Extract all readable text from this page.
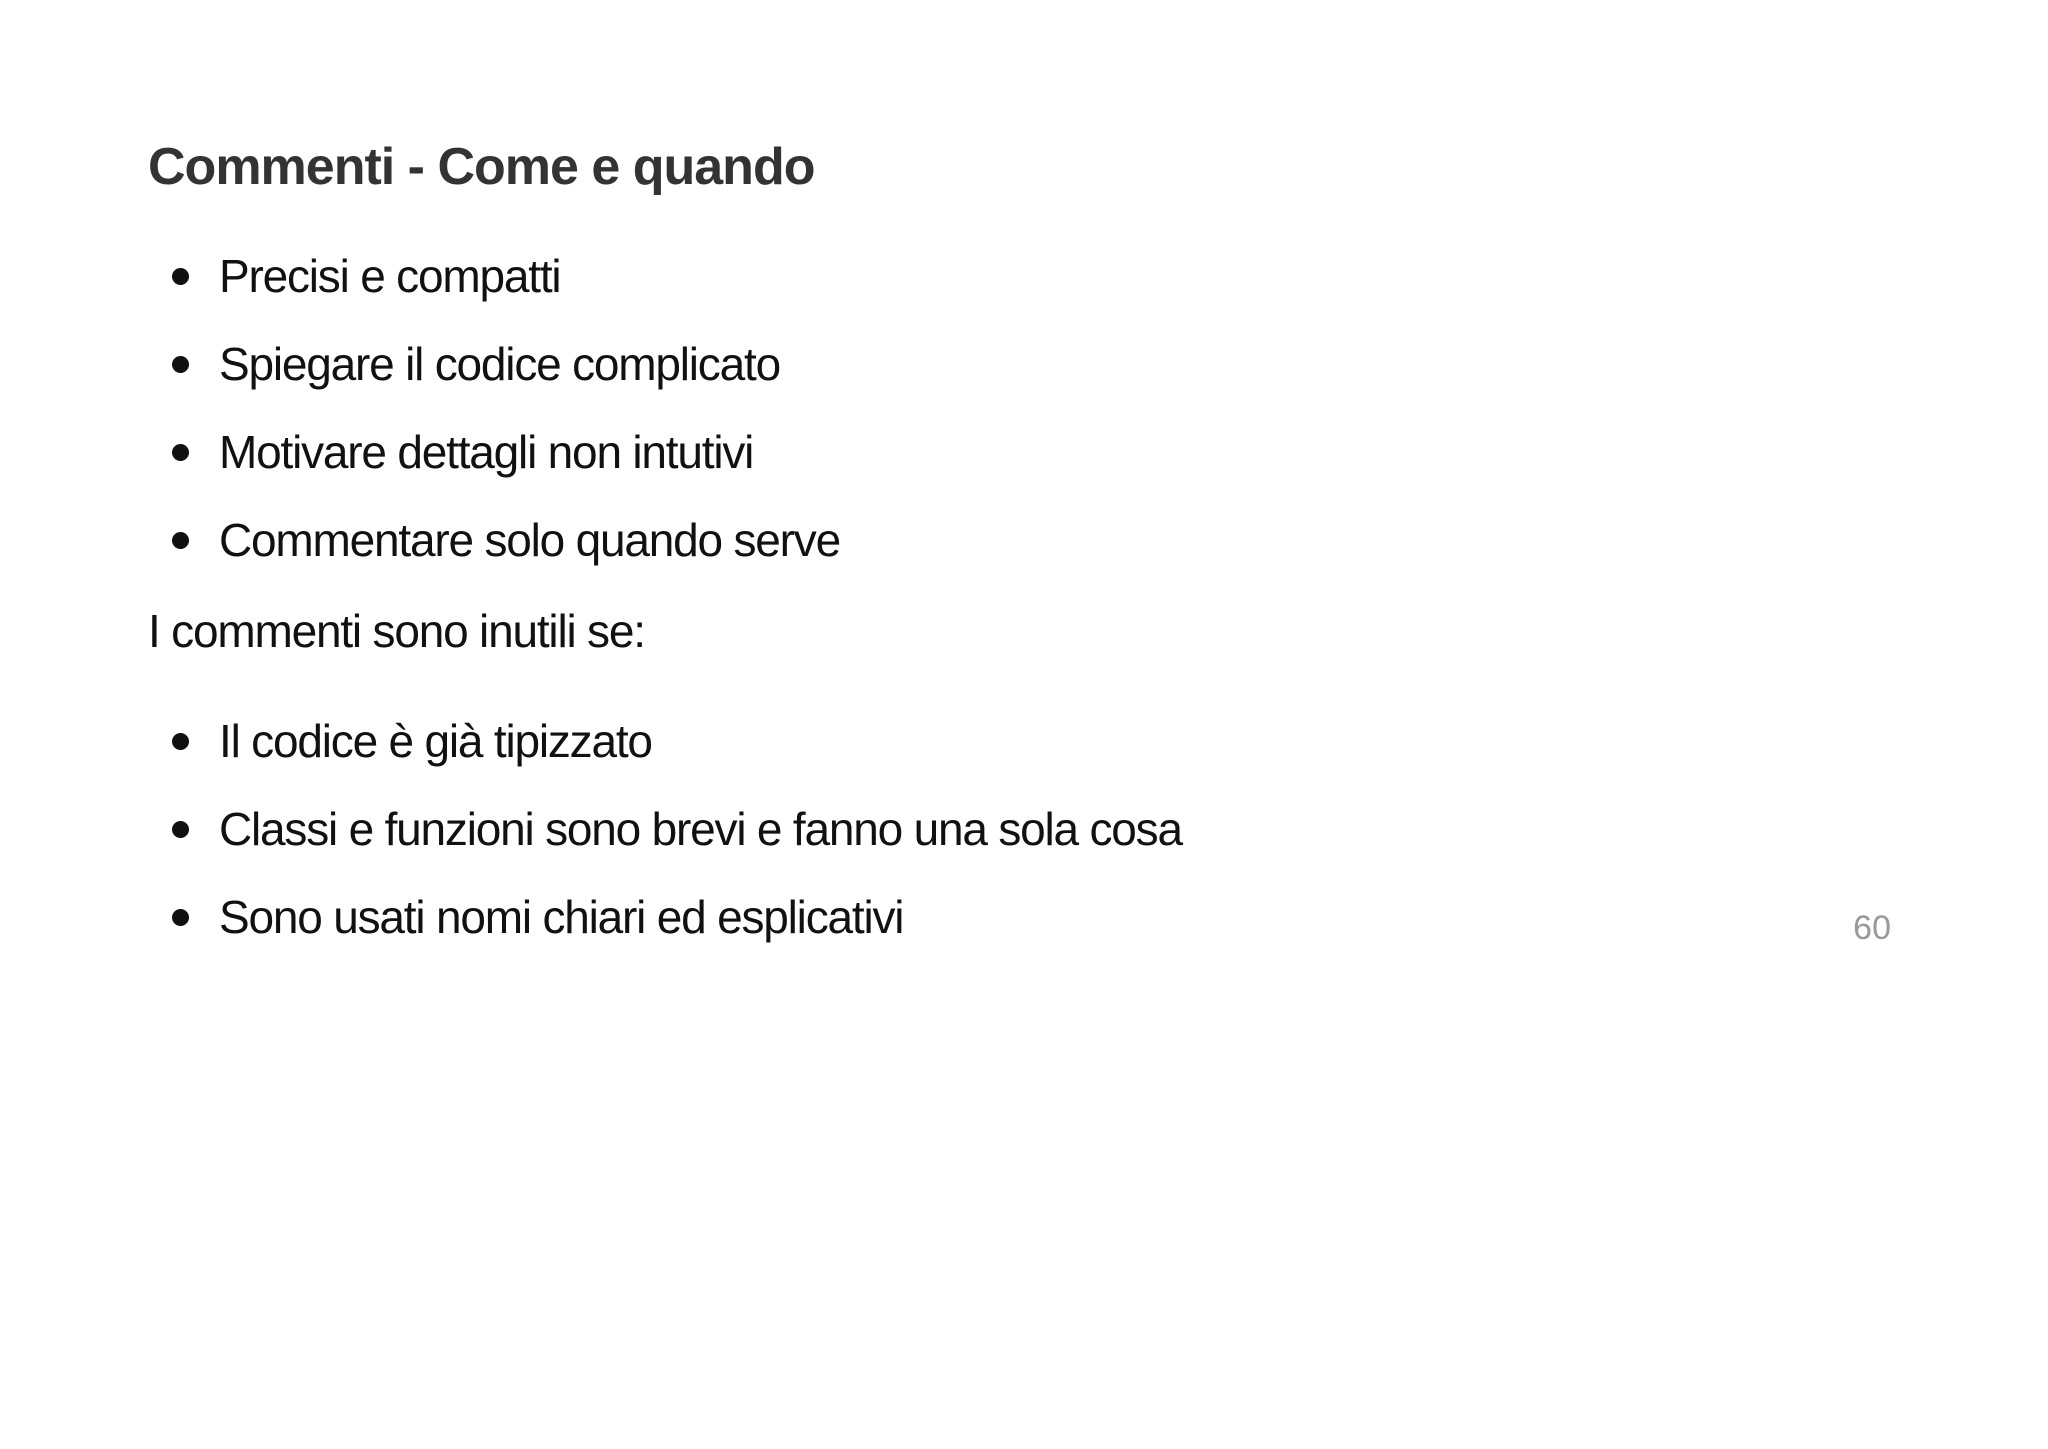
Commenti - Come e quando
Precisi e compatti
Spiegare il codice complicato
Motivare dettagli non intutivi
Commentare solo quando serve

I commenti sono inutili se:

Il codice è già tipizzato
Classi e funzioni sono brevi e fanno una sola cosa
Sono usati nomi chiari ed esplicativi	60
